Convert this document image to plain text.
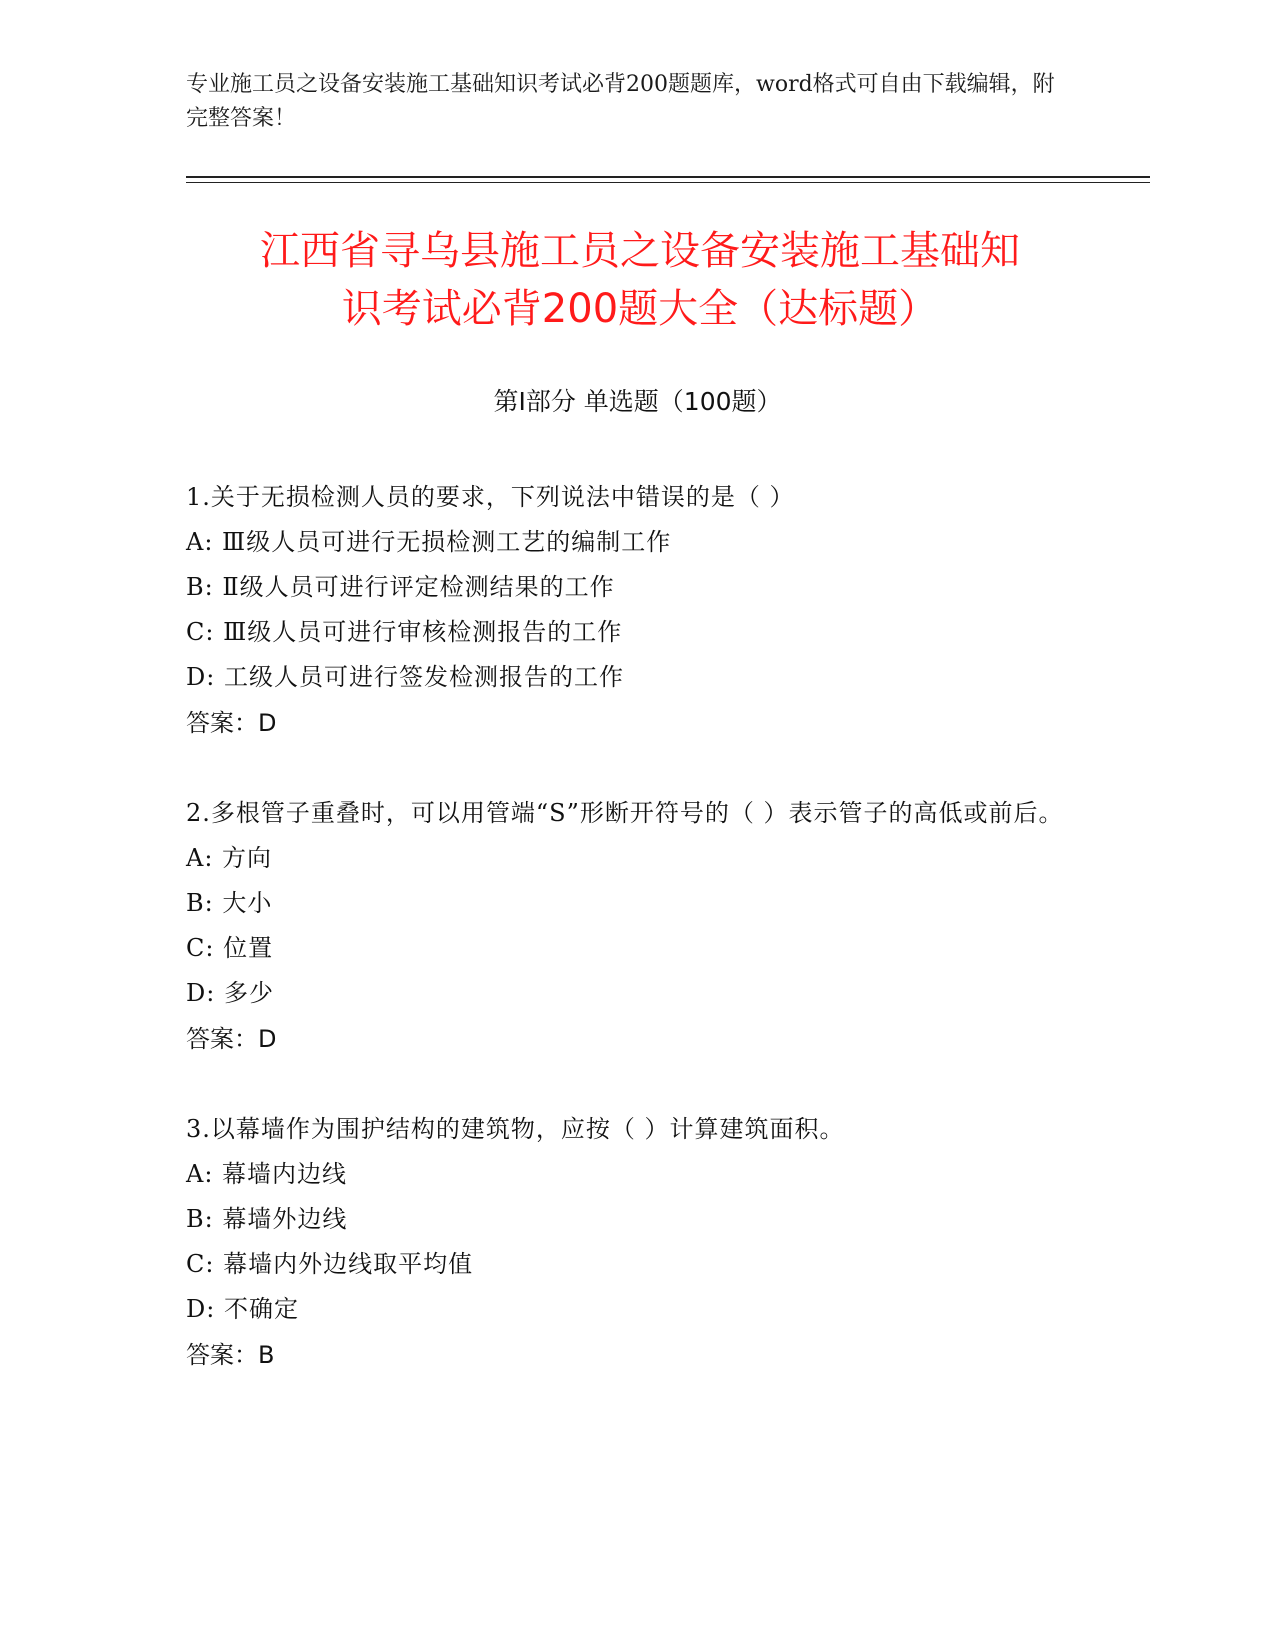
专业施工员之设备安装施工基础知识考试必背200题题库，word格式可自由下载编辑，附完整答案！
江西省寻乌县施工员之设备安装施工基础知
识考试必背200题大全（达标题）
第Ⅰ部分 单选题（100题）
1.关于无损检测人员的要求，下列说法中错误的是（ ）
A: Ⅲ级人员可进行无损检测工艺的编制工作
B: Ⅱ级人员可进行评定检测结果的工作
C: Ⅲ级人员可进行审核检测报告的工作
D: 工级人员可进行签发检测报告的工作
答案：D
2.多根管子重叠时，可以用管端“S”形断开符号的（ ）表示管子的高低或前后。
A: 方向
B: 大小
C: 位置
D: 多少
答案：D
3.以幕墙作为围护结构的建筑物，应按（ ）计算建筑面积。
A: 幕墙内边线
B: 幕墙外边线
C: 幕墙内外边线取平均值
D: 不确定
答案：B
